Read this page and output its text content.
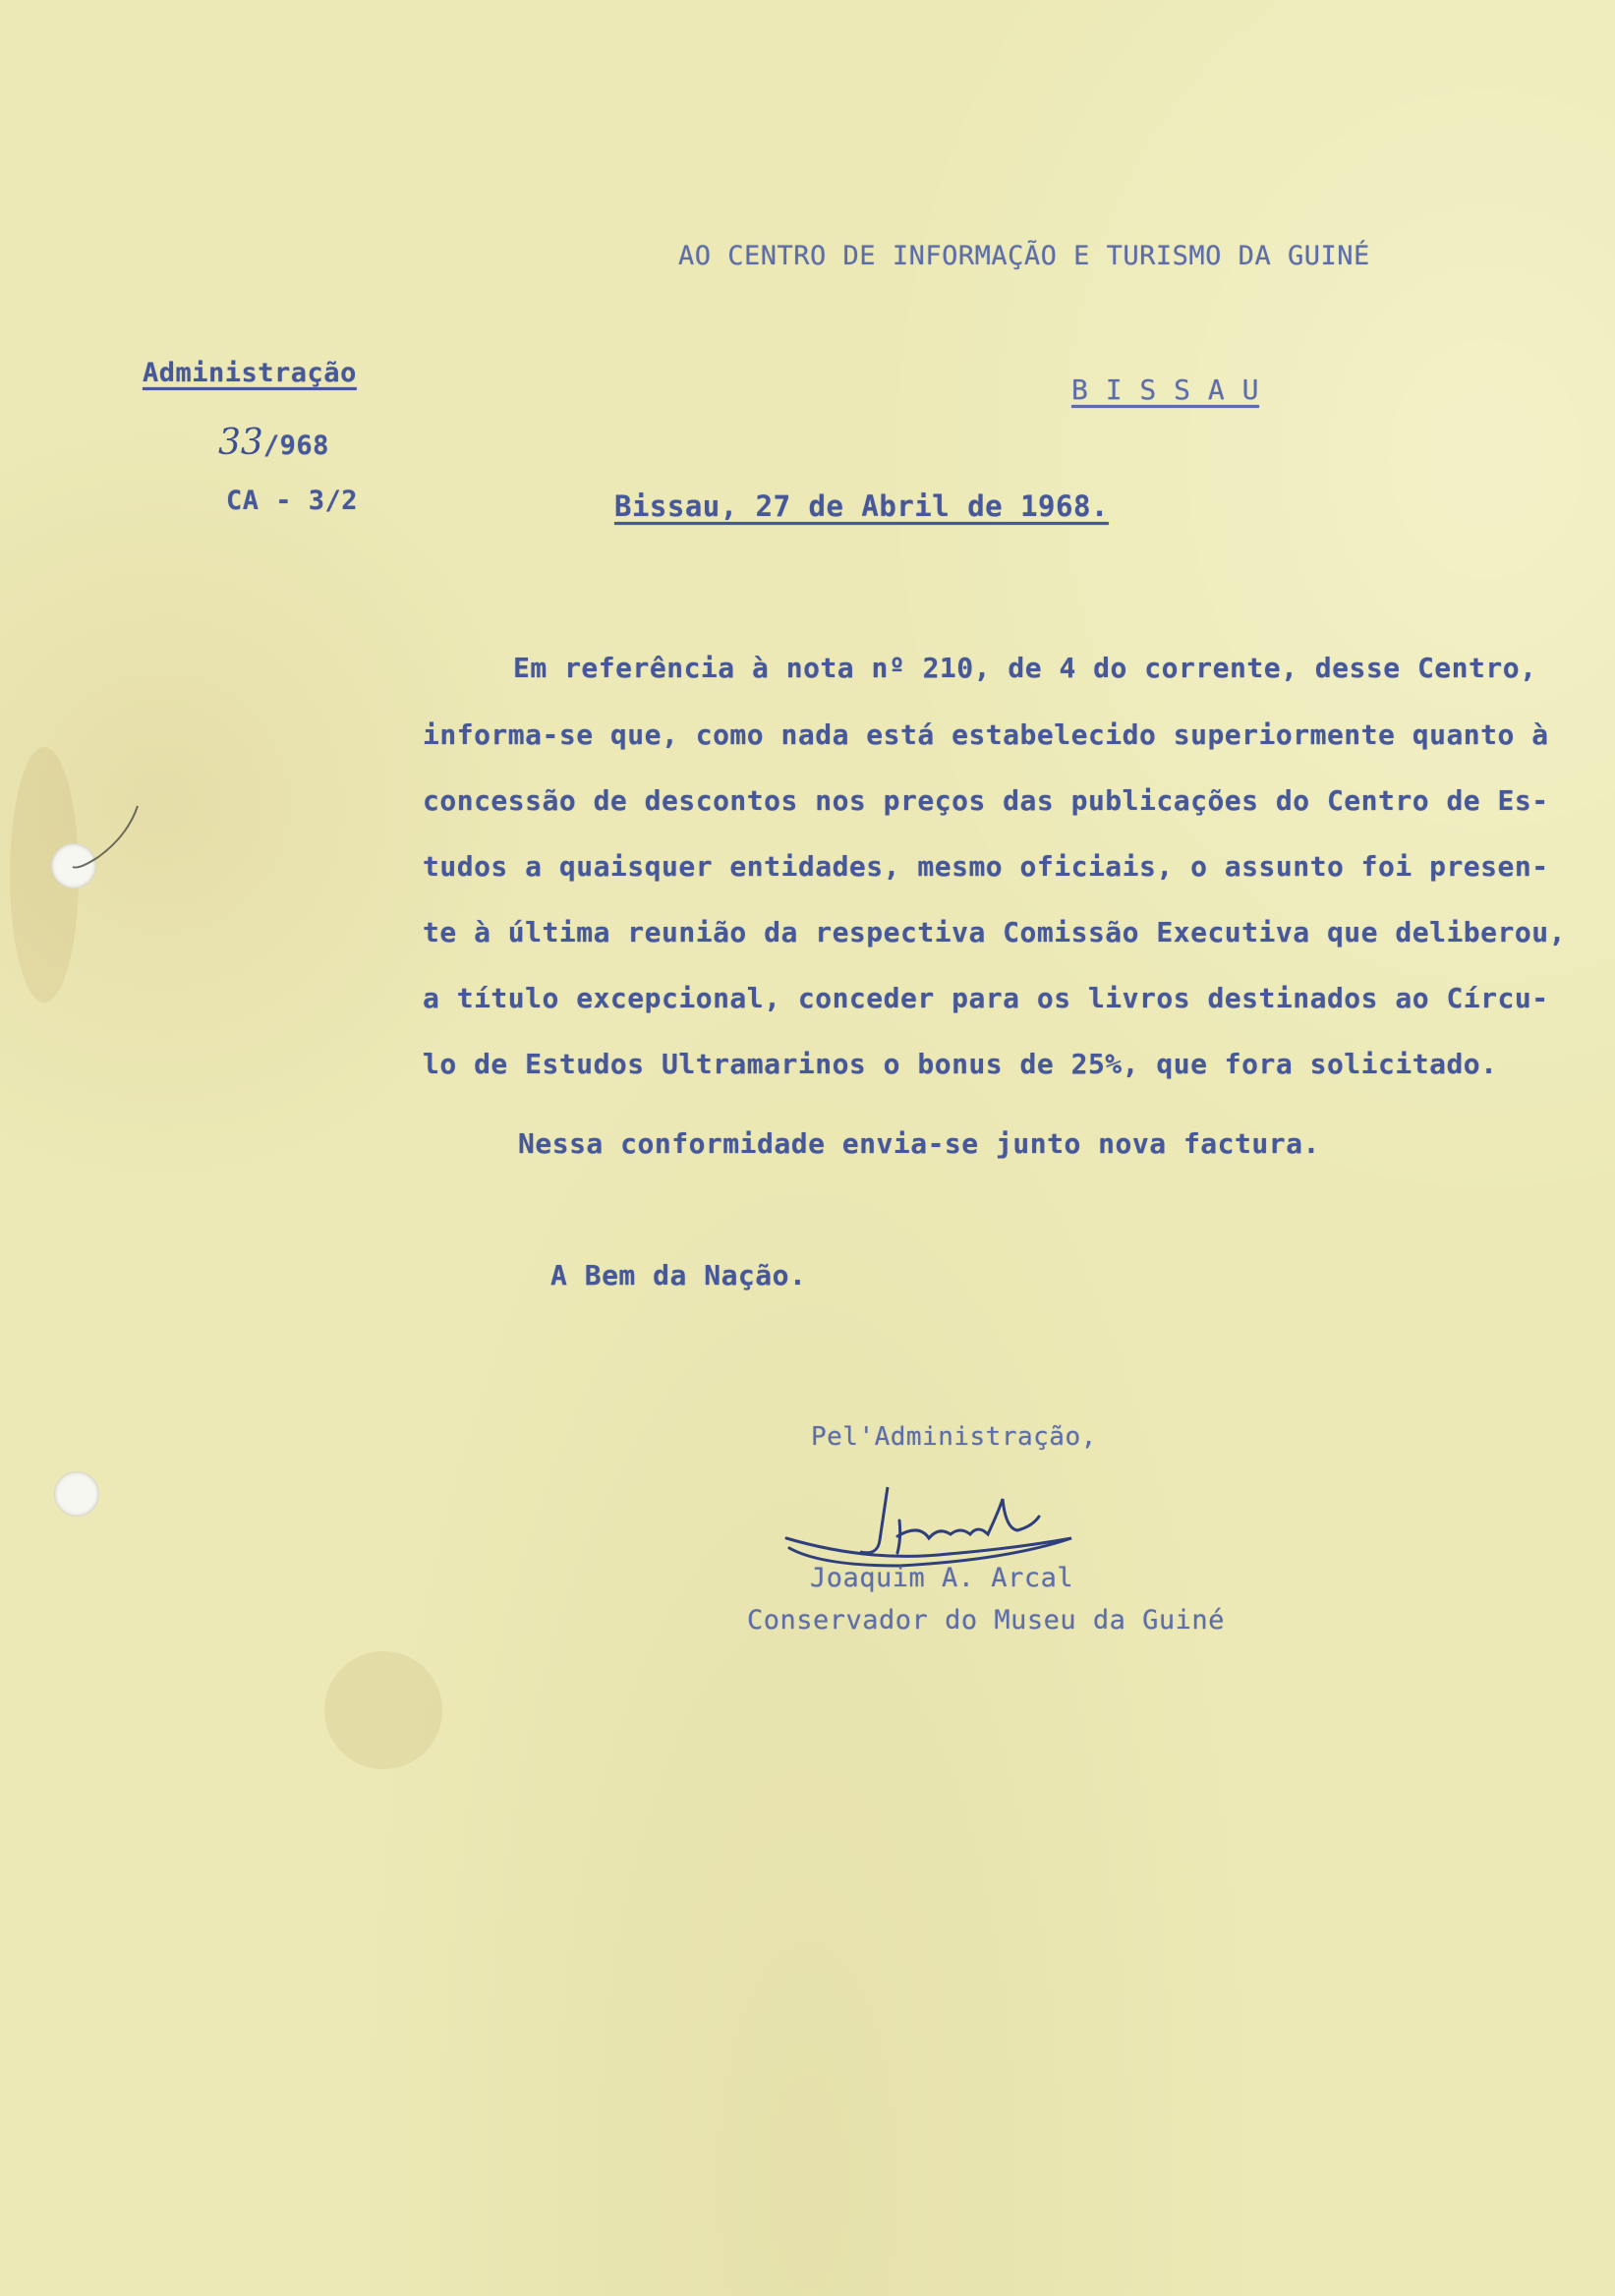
AO CENTRO DE INFORMAÇÃO E TURISMO DA GUINÉ
B I S S A U
Administração
33/968
CA - 3/2	Bissau, 27 de Abril de 1968.
Em referência à nota nº 210, de 4 do corrente, desse Centro,
informa-se que, como nada está estabelecido superiormente quanto à
concessão de descontos nos preços das publicações do Centro de Es-
tudos a quaisquer entidades, mesmo oficiais, o assunto foi presen-
te à última reunião da respectiva Comissão Executiva que deliberou,
a título excepcional, conceder para os livros destinados ao Círcu-
lo de Estudos Ultramarinos o bonus de 25%, que fora solicitado.
Nessa conformidade envia-se junto nova factura.
A Bem da Nação.
Pel'Administração,
Joaquim A. Arcal
Conservador do Museu da Guiné
